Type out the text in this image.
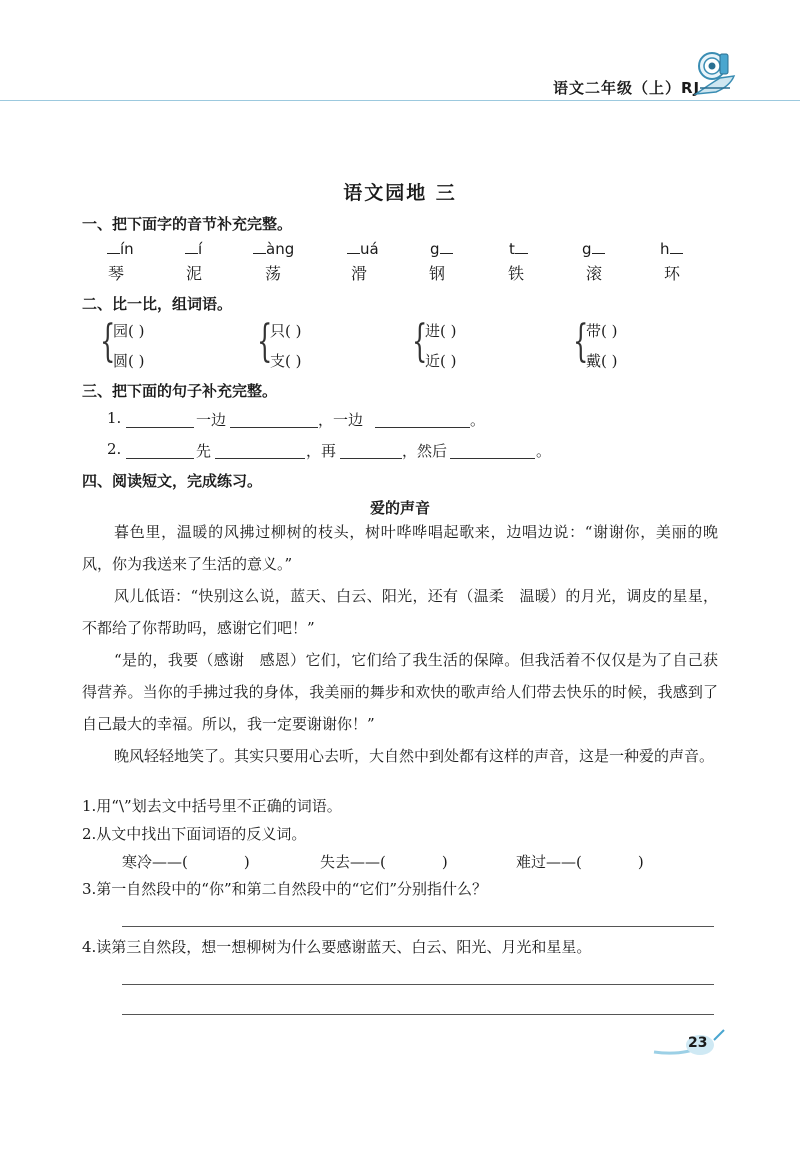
语文二年级（上）RJ
语文园地 三
一、把下面字的音节补充完整。
ín	í	àng	uá	g	t	g	h
琴	泥	荡	滑	钢	铁	滚	环
二、比一比，组词语。
{
园( )
圆( )	{
只( )
支( )	{
进( )
近( )	{
带( )
戴( )
三、把下面的句子补充完整。
1.	一边	，一边	。
2.	先	，再	，然后	。
四、阅读短文，完成练习。
爱的声音
暮色里，温暖的风拂过柳树的枝头，树叶哗哗唱起歌来，边唱边说：“谢谢你，美丽的晚风，你为我送来了生活的意义。”
风儿低语：“快别这么说，蓝天、白云、阳光，还有（温柔　温暖）的月光，调皮的星星，不都给了你帮助吗，感谢它们吧！”
“是的，我要（感谢　感恩）它们，它们给了我生活的保障。但我活着不仅仅是为了自己获得营养。当你的手拂过我的身体，我美丽的舞步和欢快的歌声给人们带去快乐的时候，我感到了自己最大的幸福。所以，我一定要谢谢你！”
晚风轻轻地笑了。其实只要用心去听，大自然中到处都有这样的声音，这是一种爱的声音。
1.用“\”划去文中括号里不正确的词语。
2.从文中找出下面词语的反义词。
寒冷——(	)	失去——(	)	难过——(	)
3.第一自然段中的“你”和第二自然段中的“它们”分别指什么？
4.读第三自然段，想一想柳树为什么要感谢蓝天、白云、阳光、月光和星星。
23
